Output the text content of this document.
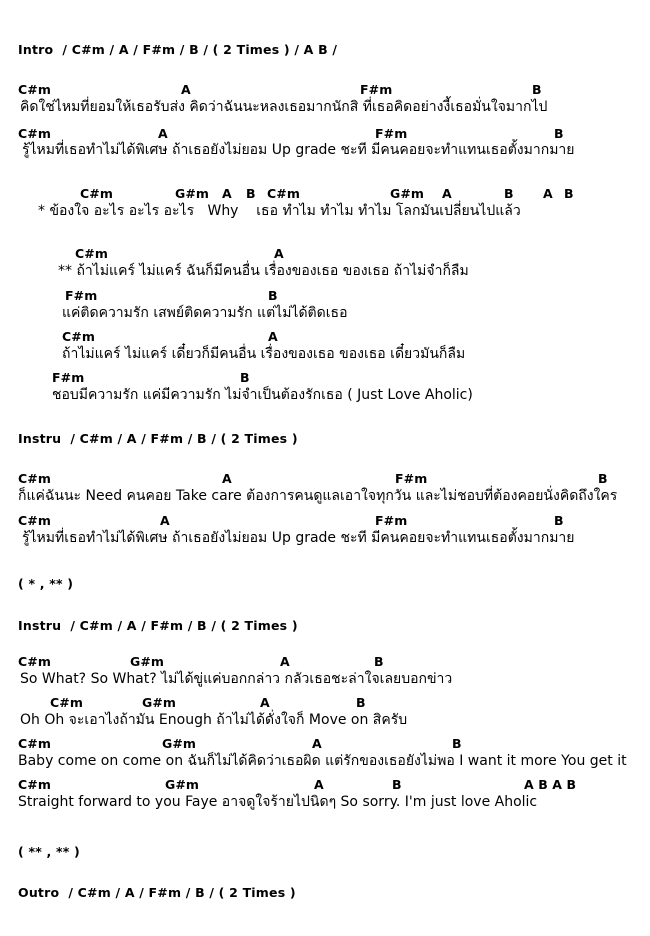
Intro  / C#m / A / F#m / B / ( 2 Times ) / A B /
Instru  / C#m / A / F#m / B / ( 2 Times )
( * , ** )
Instru  / C#m / A / F#m / B / ( 2 Times )
( ** , ** )
Outro  / C#m / A / F#m / B / ( 2 Times )
C#m	A	F#m	B
C#m	A	F#m	B
C#m	G#m A B C#m	G#m A	B A B
C#m	A
F#m	B
C#m	A
F#m	B
C#m	A	F#m	B
C#m	A	F#m	B
C#m	G#m	A	B
C#m	G#m	A	B
C#m	G#m	A	B
C#m	G#m	A	B	A B A B
คิดใช่ไหมที่ยอมให้เธอรับส่ง คิดว่าฉันนะหลงเธอมากนักสิ ที่เธอคิดอย่างงี้เธอมั่นใจมากไป
รู้ไหมที่เธอทำไม่ได้พิเศษ ถ้าเธอยังไม่ยอม Up grade ชะที มีคนคอยจะทำแทนเธอตั้งมากมาย
* ข้องใจ อะไร อะไร อะไร   Why    เธอ ทำไม ทำไม ทำไม โลกมันเปลี่ยนไปแล้ว
** ถ้าไม่แคร์ ไม่แคร์ ฉันก็มีคนอื่น เรื่องของเธอ ของเธอ ถ้าไม่จำก็ลืม
แค่ติดความรัก เสพย์ติดความรัก แต่ไม่ได้ติดเธอ
ถ้าไม่แคร์ ไม่แคร์ เดี๋ยวก็มีคนอื่น เรื่องของเธอ ของเธอ เดี๋ยวมันก็ลืม
ชอบมีความรัก แค่มีความรัก ไม่จำเป็นต้องรักเธอ ( Just Love Aholic)
ก็แค่ฉันนะ Need คนคอย Take care ต้องการคนดูแลเอาใจทุกวัน และไม่ชอบที่ต้องคอยนั่งคิดถึงใคร
รู้ไหมที่เธอทำไม่ได้พิเศษ ถ้าเธอยังไม่ยอม Up grade ชะที มีคนคอยจะทำแทนเธอตั้งมากมาย
So What? So What? ไม่ได้ขู่แค่บอกกล่าว กลัวเธอชะล่าใจเลยบอกข่าว
Oh Oh จะเอาไงถ้ามัน Enough ถ้าไม่ได้ดั่งใจก็ Move on สิครับ
Baby come on come on ฉันก็ไม่ได้คิดว่าเธอผิด แต่รักของเธอยังไม่พอ I want it more You get it
Straight forward to you Faye อาจดูใจร้ายไปนิดๆ So sorry. I'm just love Aholic
